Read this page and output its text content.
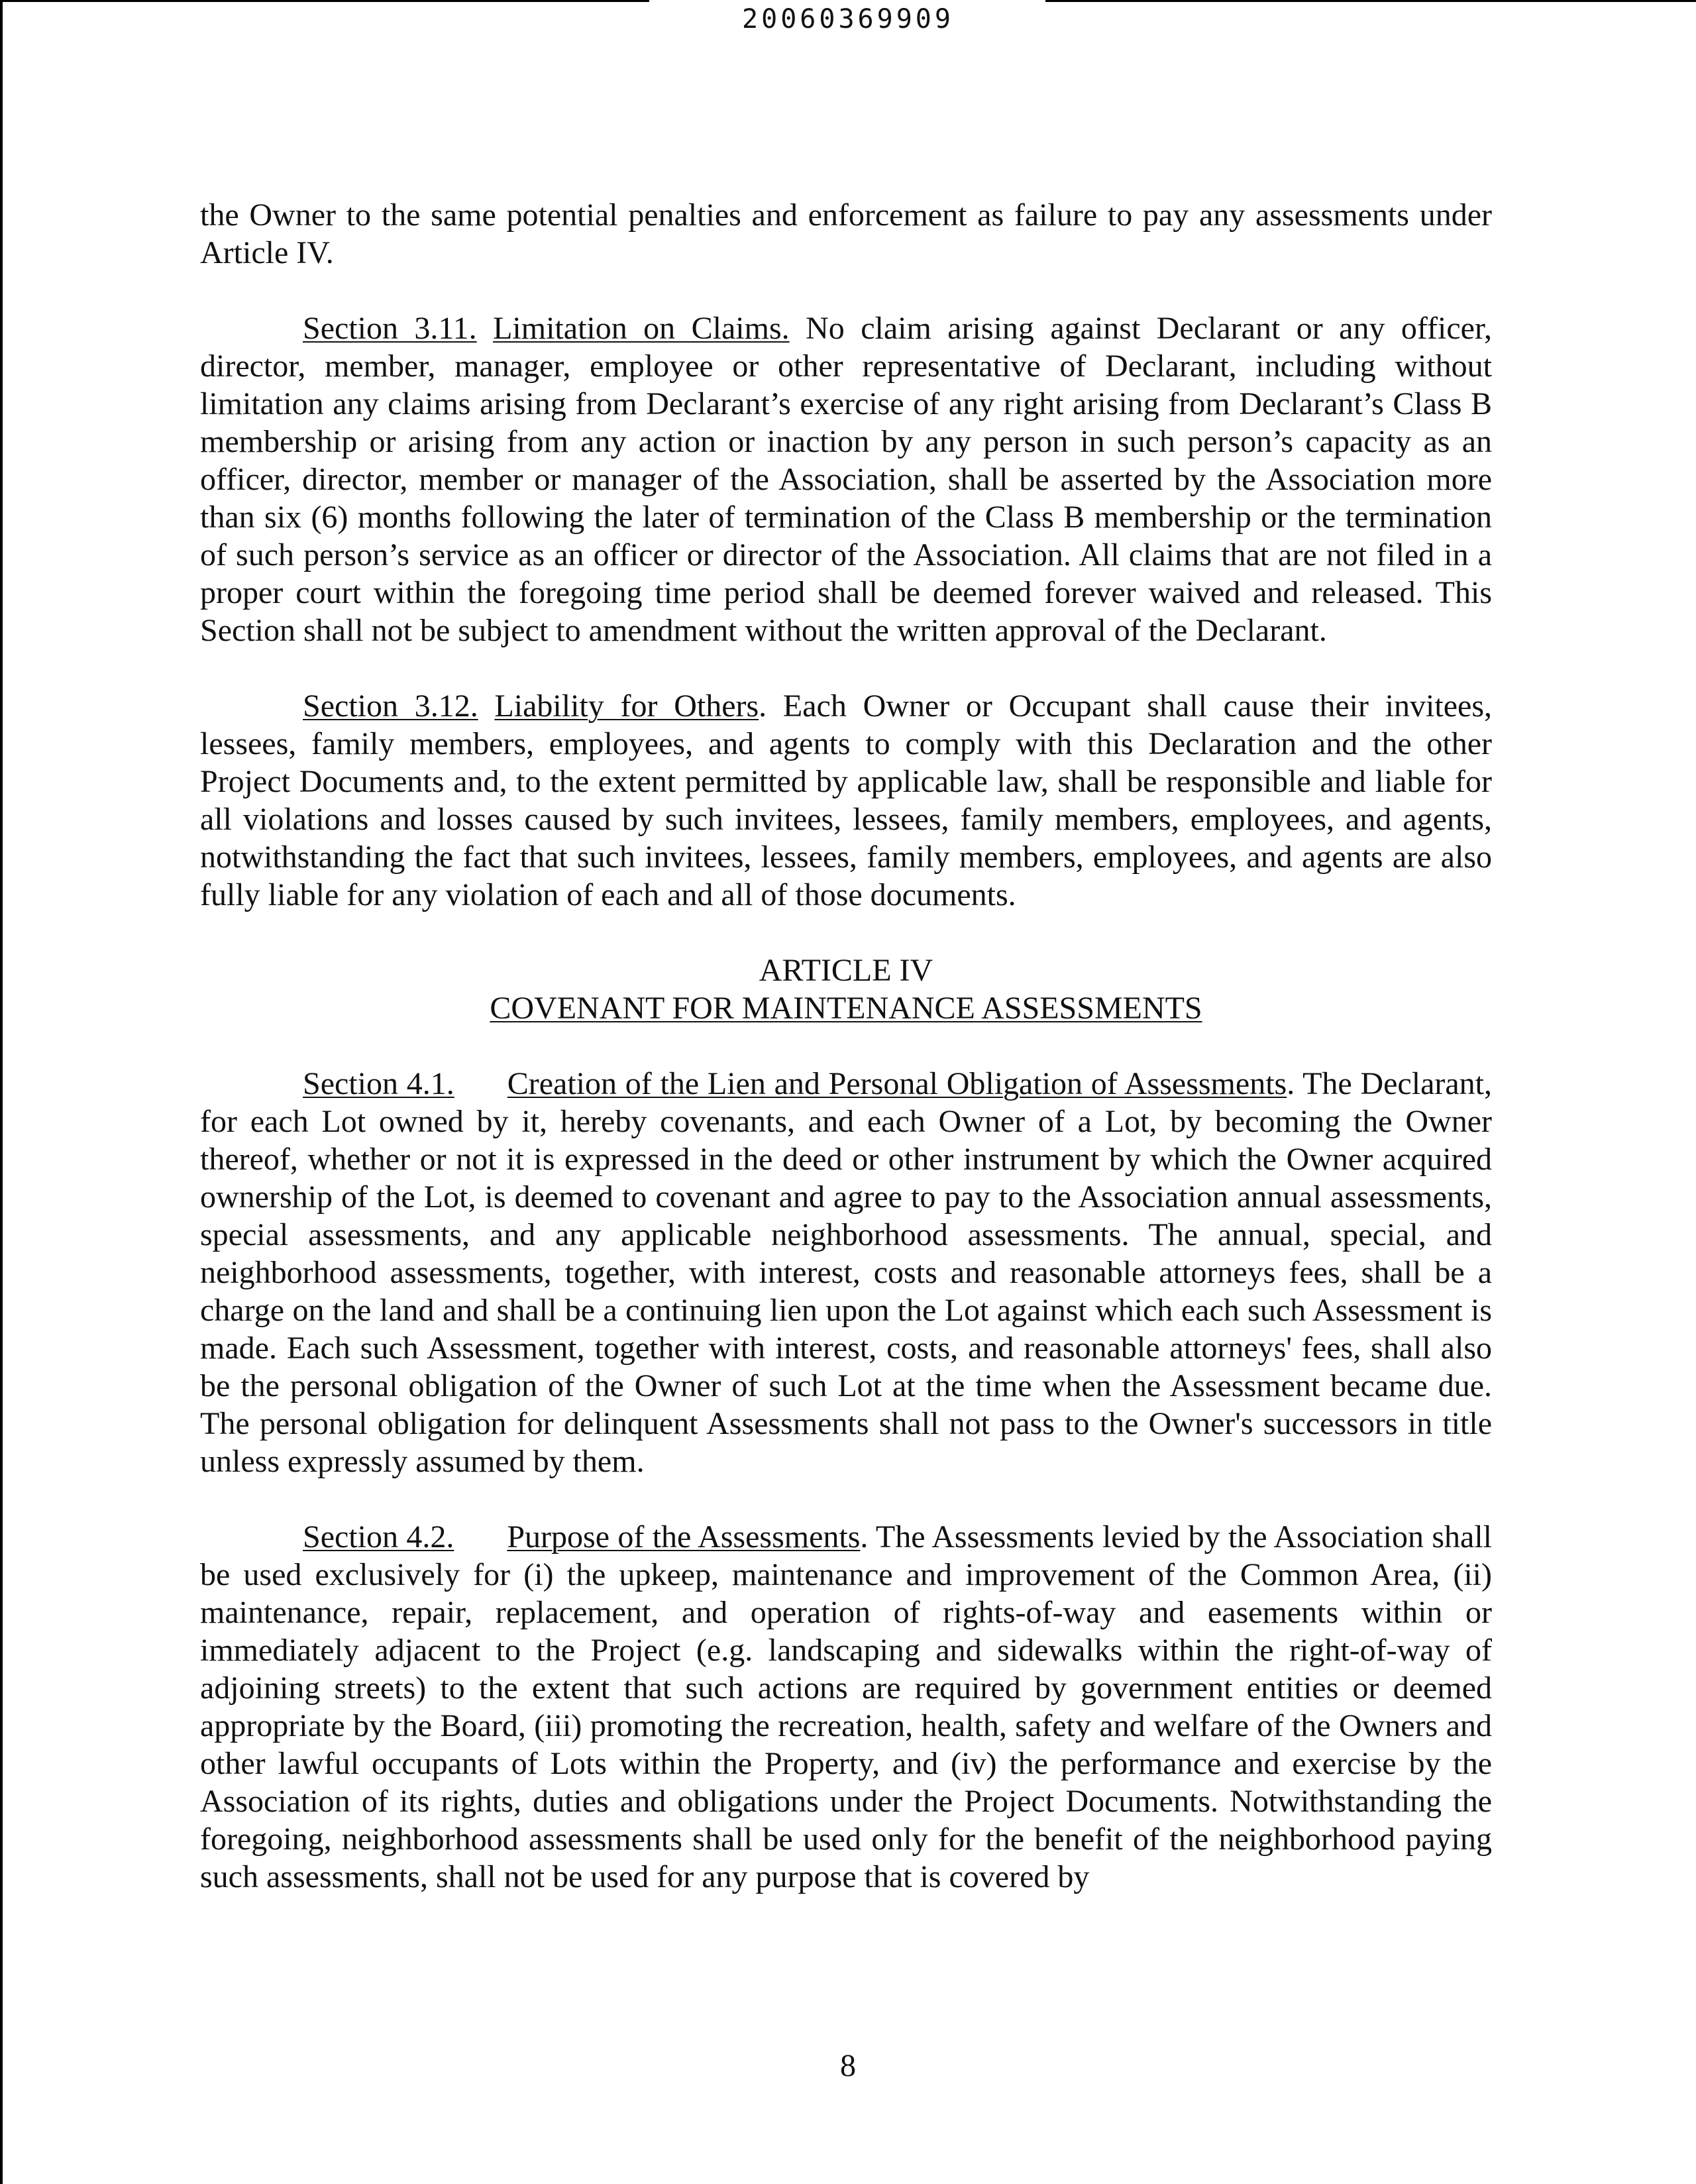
20060369909

the Owner to the same potential penalties and enforcement as failure to pay any assessments under Article IV.

Section 3.11. Limitation on Claims. No claim arising against Declarant or any officer, director, member, manager, employee or other representative of Declarant, including without limitation any claims arising from Declarant’s exercise of any right arising from Declarant’s Class B membership or arising from any action or inaction by any person in such person’s capacity as an officer, director, member or manager of the Association, shall be asserted by the Association more than six (6) months following the later of termination of the Class B membership or the termination of such person’s service as an officer or director of the Association. All claims that are not filed in a proper court within the foregoing time period shall be deemed forever waived and released. This Section shall not be subject to amendment without the written approval of the Declarant.

Section 3.12. Liability for Others. Each Owner or Occupant shall cause their invitees, lessees, family members, employees, and agents to comply with this Declaration and the other Project Documents and, to the extent permitted by applicable law, shall be responsible and liable for all violations and losses caused by such invitees, lessees, family members, employees, and agents, notwithstanding the fact that such invitees, lessees, family members, employees, and agents are also fully liable for any violation of each and all of those documents.

ARTICLE IV

COVENANT FOR MAINTENANCE ASSESSMENTS

Section 4.1. Creation of the Lien and Personal Obligation of Assessments. The Declarant, for each Lot owned by it, hereby covenants, and each Owner of a Lot, by becoming the Owner thereof, whether or not it is expressed in the deed or other instrument by which the Owner acquired ownership of the Lot, is deemed to covenant and agree to pay to the Association annual assessments, special assessments, and any applicable neighborhood assessments. The annual, special, and neighborhood assessments, together, with interest, costs and reasonable attorneys fees, shall be a charge on the land and shall be a continuing lien upon the Lot against which each such Assessment is made. Each such Assessment, together with interest, costs, and reasonable attorneys' fees, shall also be the personal obligation of the Owner of such Lot at the time when the Assessment became due. The personal obligation for delinquent Assessments shall not pass to the Owner's successors in title unless expressly assumed by them.

Section 4.2. Purpose of the Assessments. The Assessments levied by the Association shall be used exclusively for (i) the upkeep, maintenance and improvement of the Common Area, (ii) maintenance, repair, replacement, and operation of rights-of-way and easements within or immediately adjacent to the Project (e.g. landscaping and sidewalks within the right-of-way of adjoining streets) to the extent that such actions are required by government entities or deemed appropriate by the Board, (iii) promoting the recreation, health, safety and welfare of the Owners and other lawful occupants of Lots within the Property, and (iv) the performance and exercise by the Association of its rights, duties and obligations under the Project Documents. Notwithstanding the foregoing, neighborhood assessments shall be used only for the benefit of the neighborhood paying such assessments, shall not be used for any purpose that is covered by

8
